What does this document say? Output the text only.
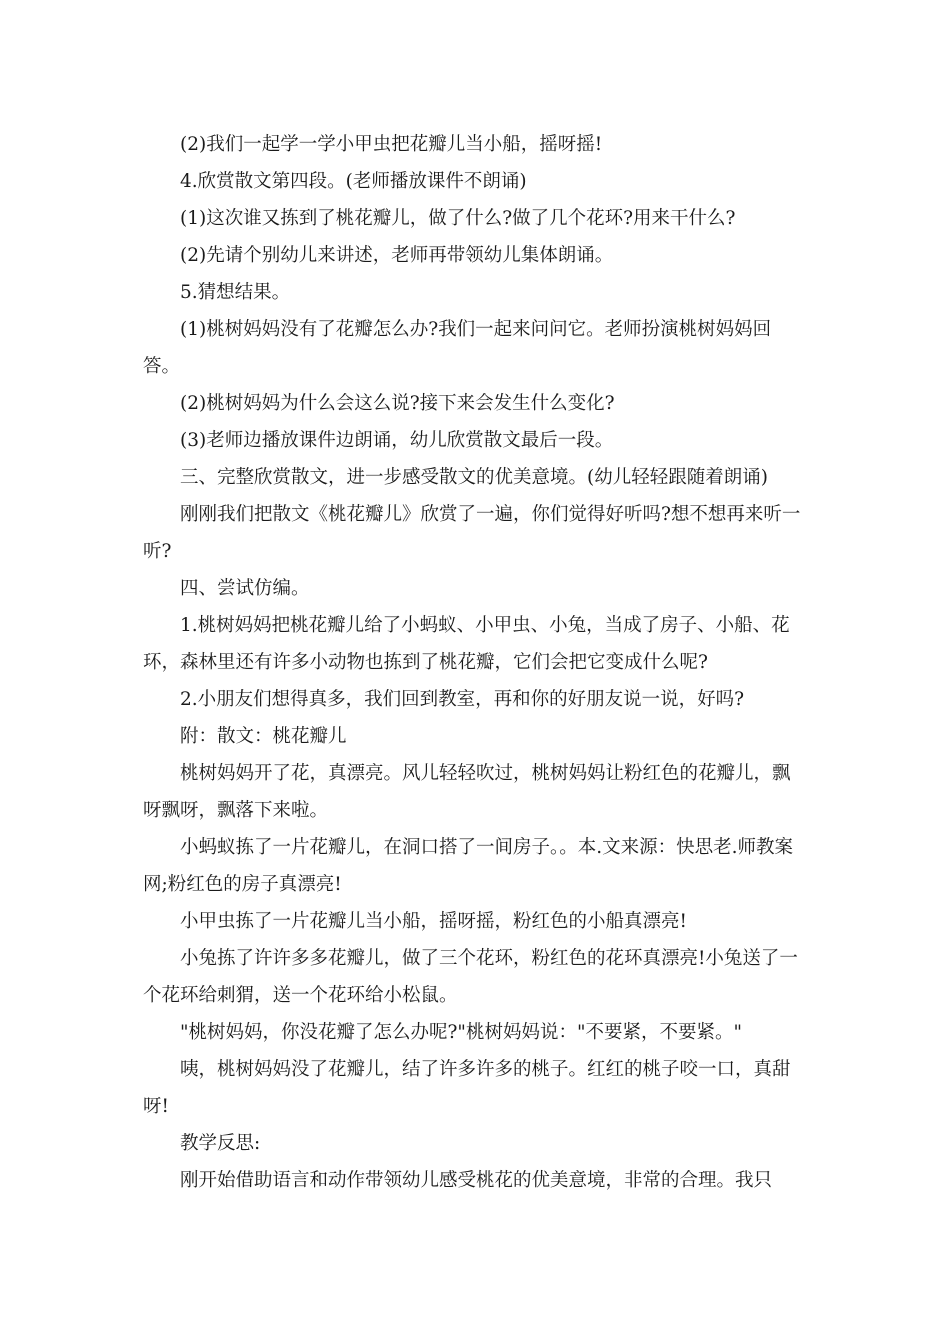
(2)我们一起学一学小甲虫把花瓣儿当小船，摇呀摇!

4.欣赏散文第四段。(老师播放课件不朗诵)

(1)这次谁又拣到了桃花瓣儿，做了什么?做了几个花环?用来干什么?

(2)先请个别幼儿来讲述，老师再带领幼儿集体朗诵。

5.猜想结果。

(1)桃树妈妈没有了花瓣怎么办?我们一起来问问它。老师扮演桃树妈妈回答。

(2)桃树妈妈为什么会这么说?接下来会发生什么变化?

(3)老师边播放课件边朗诵，幼儿欣赏散文最后一段。

三、完整欣赏散文，进一步感受散文的优美意境。(幼儿轻轻跟随着朗诵)

刚刚我们把散文《桃花瓣儿》欣赏了一遍，你们觉得好听吗?想不想再来听一听?

四、尝试仿编。

1.桃树妈妈把桃花瓣儿给了小蚂蚁、小甲虫、小兔，当成了房子、小船、花环，森林里还有许多小动物也拣到了桃花瓣，它们会把它变成什么呢?

2.小朋友们想得真多，我们回到教室，再和你的好朋友说一说，好吗?

附：散文：桃花瓣儿

桃树妈妈开了花，真漂亮。风儿轻轻吹过，桃树妈妈让粉红色的花瓣儿，飘呀飘呀，飘落下来啦。

小蚂蚁拣了一片花瓣儿，在洞口搭了一间房子。。本.文来源：快思老.师教案网;粉红色的房子真漂亮!

小甲虫拣了一片花瓣儿当小船，摇呀摇，粉红色的小船真漂亮!

小兔拣了许许多多花瓣儿，做了三个花环，粉红色的花环真漂亮!小兔送了一个花环给刺猬，送一个花环给小松鼠。

"桃树妈妈，你没花瓣了怎么办呢?"桃树妈妈说："不要紧，不要紧。"

咦，桃树妈妈没了花瓣儿，结了许多许多的桃子。红红的桃子咬一口，真甜呀!

教学反思:

刚开始借助语言和动作带领幼儿感受桃花的优美意境，非常的合理。我只
